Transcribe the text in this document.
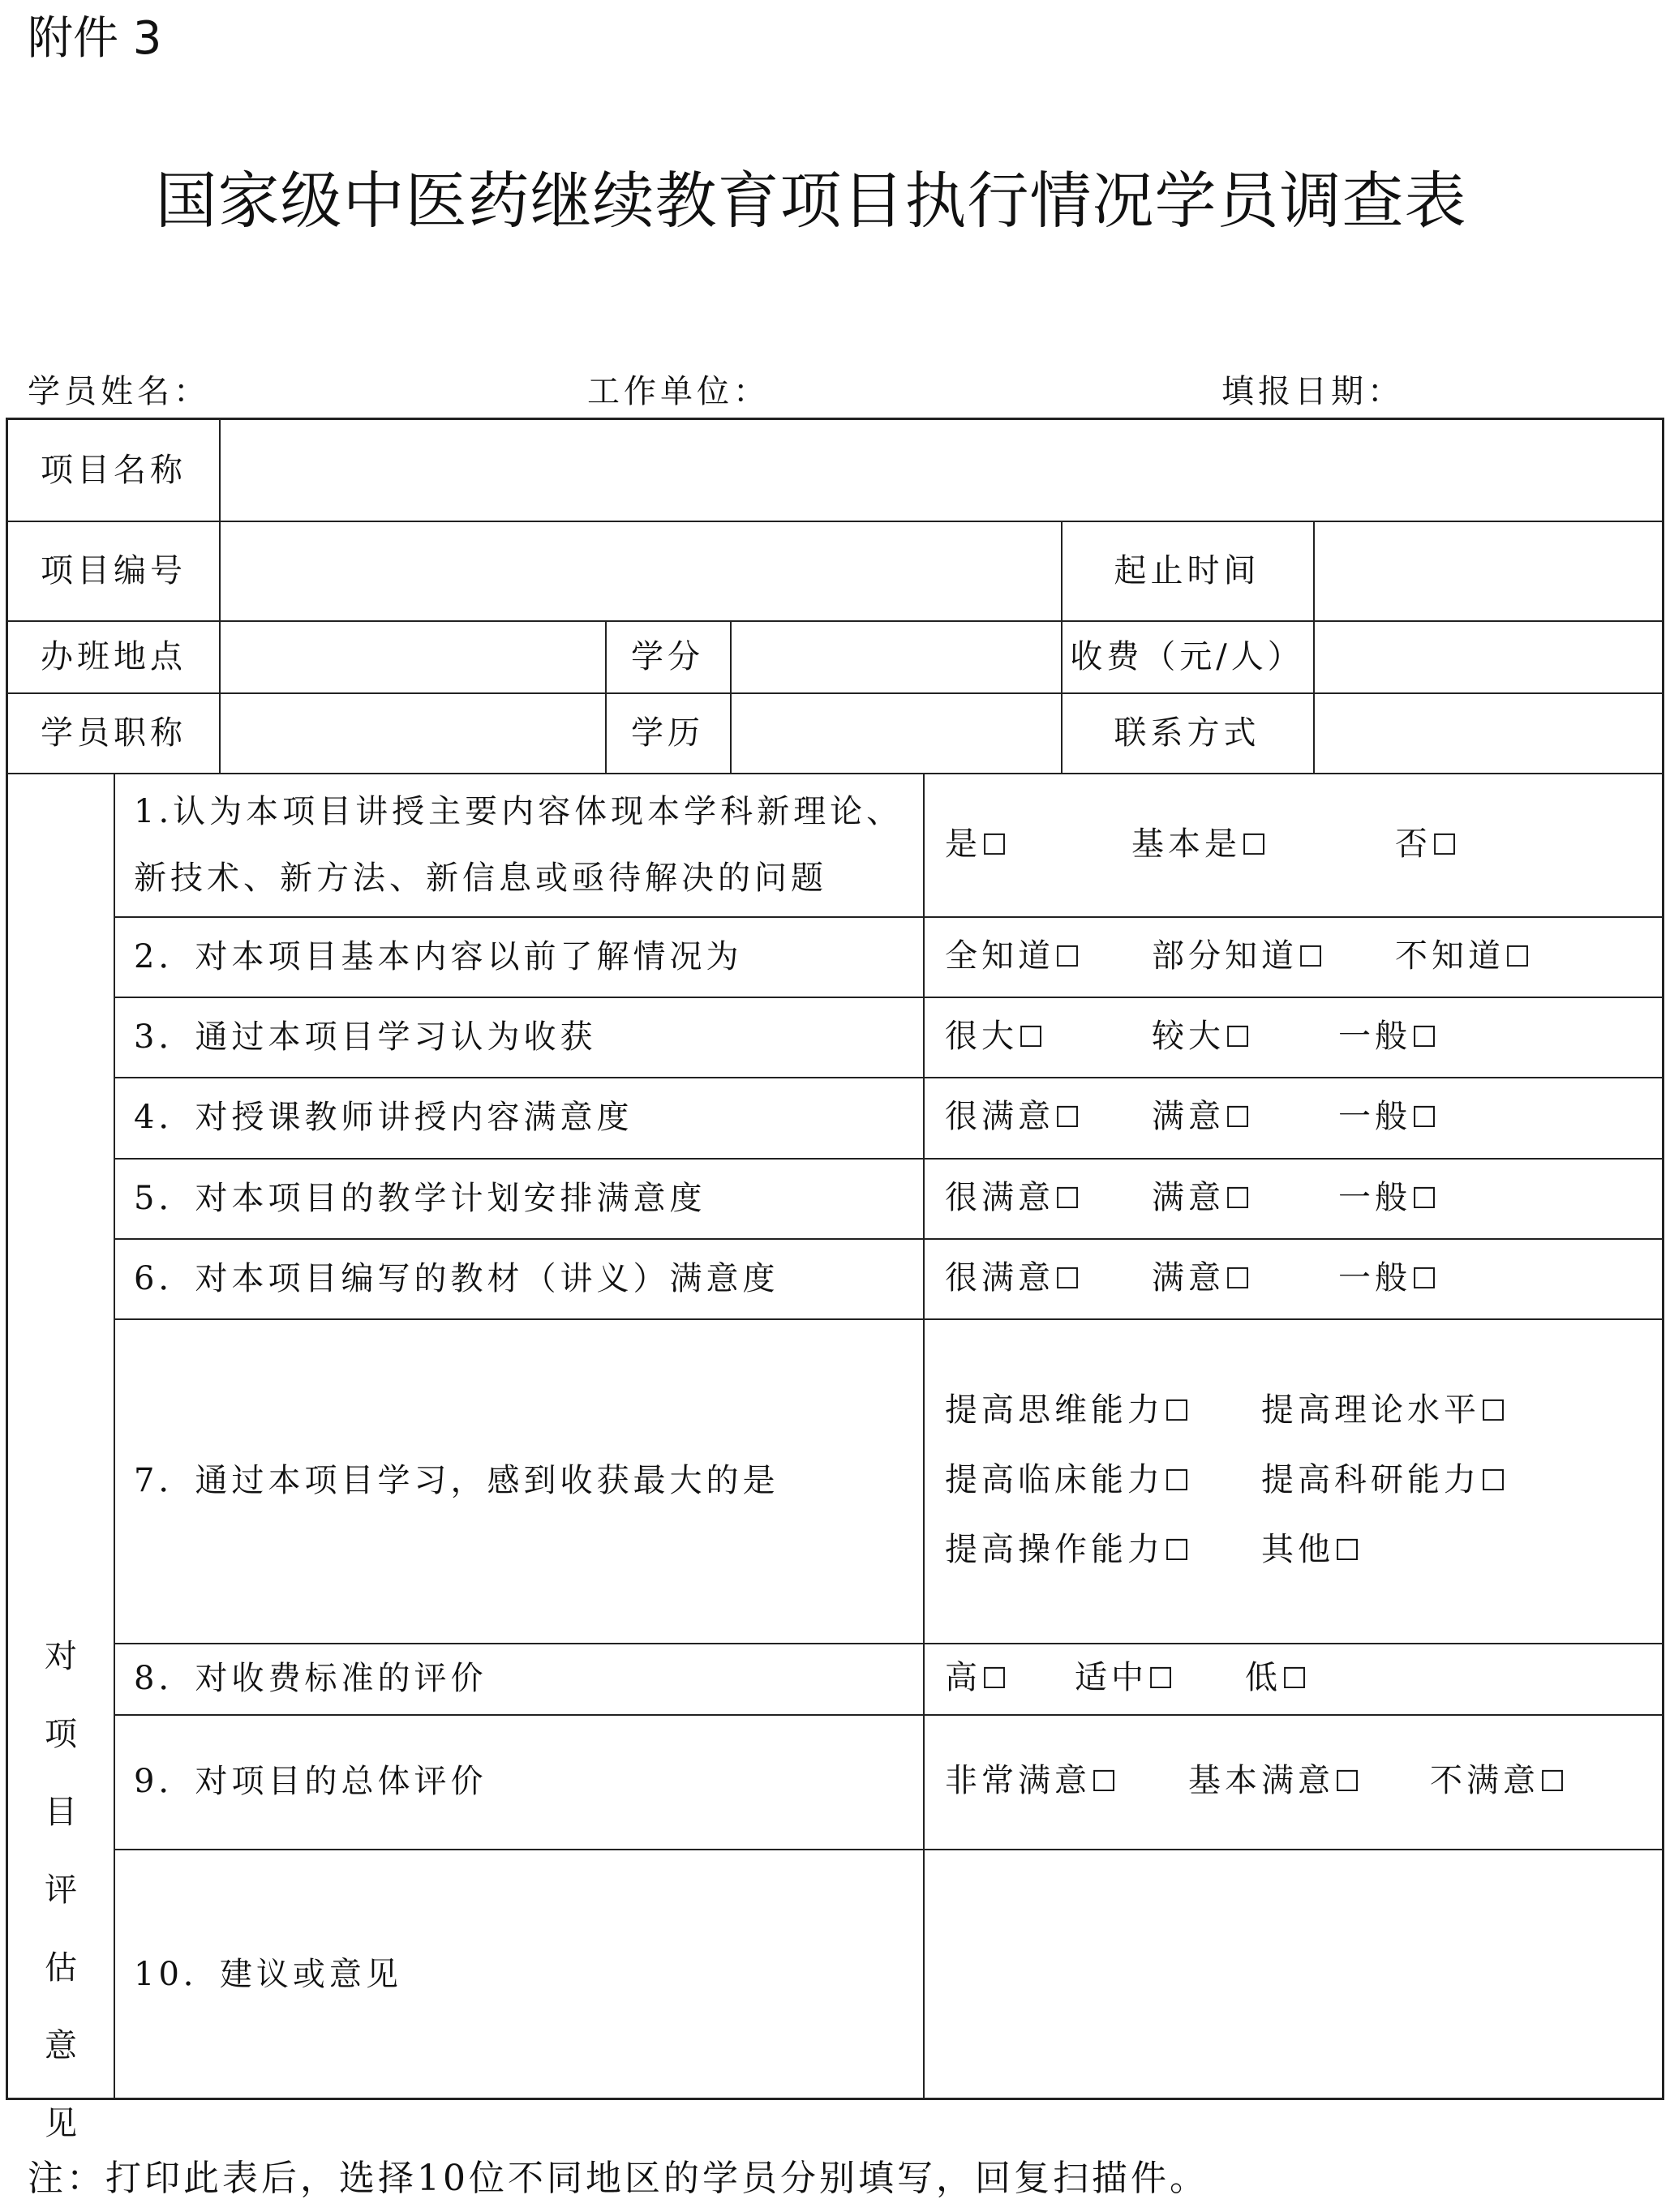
附件 3
国家级中医药继续教育项目执行情况学员调查表
学员姓名：	工作单位：	填报日期：
项目名称
项目编号	起止时间
办班地点	学分	收费（元/人）
学员职称	学历	联系方式
对
项
目
评
估
意
见
1.认为本项目讲授主要内容体现本学科新理论、
新技术、新方法、新信息或亟待解决的问题
是☐	基本是☐	否☐
2．对本项目基本内容以前了解情况为	全知道☐	部分知道☐	不知道☐
3．通过本项目学习认为收获	很大☐	较大☐	一般☐
4．对授课教师讲授内容满意度	很满意☐	满意☐	一般☐
5．对本项目的教学计划安排满意度	很满意☐	满意☐	一般☐
6．对本项目编写的教材（讲义）满意度	很满意☐	满意☐	一般☐
7．通过本项目学习，感到收获最大的是
提高思维能力☐	提高理论水平☐
提高临床能力☐	提高科研能力☐
提高操作能力☐	其他☐
8．对收费标准的评价	高☐	适中☐	低☐
9．对项目的总体评价	非常满意☐	基本满意☐	不满意☐
10．建议或意见
注：打印此表后，选择10位不同地区的学员分别填写，回复扫描件。
